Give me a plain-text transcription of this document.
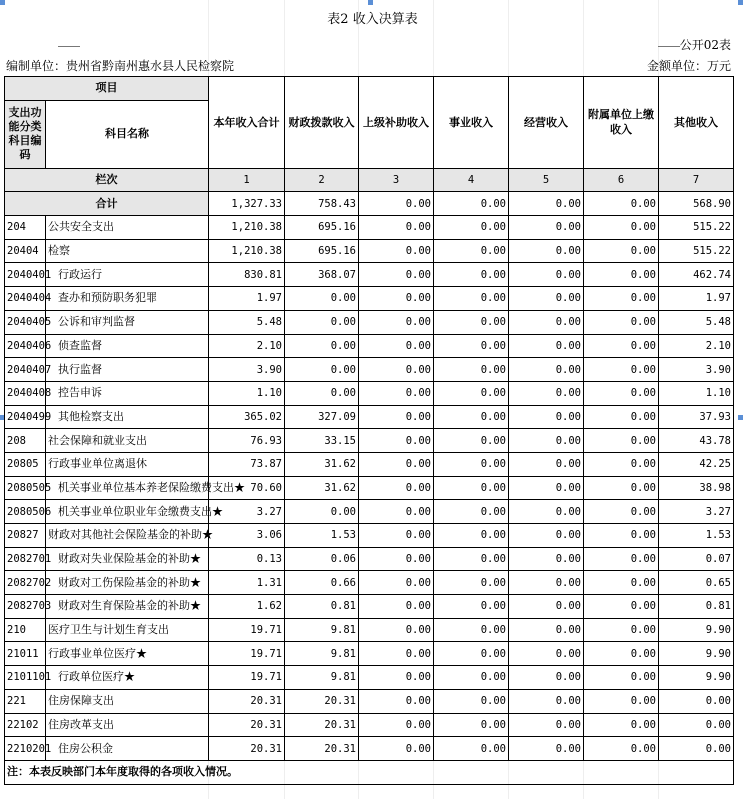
表2 收入决算表
公开02表
编制单位：贵州省黔南州惠水县人民检察院	金额单位：万元
项目		本年收入合计	财政拨款收入	上级补助收入	事业收入	经营收入	附属单位上缴收入	其他收入
支出功能分类科目编码	科目名称							

栏次		1	2	3	4	5	6	7
合计		1,327.33	758.43	0.00	0.00	0.00	0.00	568.90
204	公共安全支出	1,210.38	695.16	0.00	0.00	0.00	0.00	515.22
20404	检察	1,210.38	695.16	0.00	0.00	0.00	0.00	515.22
2040401	行政运行	830.81	368.07	0.00	0.00	0.00	0.00	462.74
2040404	查办和预防职务犯罪	1.97	0.00	0.00	0.00	0.00	0.00	1.97
2040405	公诉和审判监督	5.48	0.00	0.00	0.00	0.00	0.00	5.48
2040406	侦查监督	2.10	0.00	0.00	0.00	0.00	0.00	2.10
2040407	执行监督	3.90	0.00	0.00	0.00	0.00	0.00	3.90
2040408	控告申诉	1.10	0.00	0.00	0.00	0.00	0.00	1.10
2040499	其他检察支出	365.02	327.09	0.00	0.00	0.00	0.00	37.93
208	社会保障和就业支出	76.93	33.15	0.00	0.00	0.00	0.00	43.78
20805	行政事业单位离退休	73.87	31.62	0.00	0.00	0.00	0.00	42.25
2080505	机关事业单位基本养老保险缴费支出★	70.60	31.62	0.00	0.00	0.00	0.00	38.98
2080506	机关事业单位职业年金缴费支出★	3.27	0.00	0.00	0.00	0.00	0.00	3.27
20827	财政对其他社会保险基金的补助★	3.06	1.53	0.00	0.00	0.00	0.00	1.53
2082701	财政对失业保险基金的补助★	0.13	0.06	0.00	0.00	0.00	0.00	0.07
2082702	财政对工伤保险基金的补助★	1.31	0.66	0.00	0.00	0.00	0.00	0.65
2082703	财政对生育保险基金的补助★	1.62	0.81	0.00	0.00	0.00	0.00	0.81
210	医疗卫生与计划生育支出	19.71	9.81	0.00	0.00	0.00	0.00	9.90
21011	行政事业单位医疗★	19.71	9.81	0.00	0.00	0.00	0.00	9.90
2101101	行政单位医疗★	19.71	9.81	0.00	0.00	0.00	0.00	9.90
221	住房保障支出	20.31	20.31	0.00	0.00	0.00	0.00	0.00
22102	住房改革支出	20.31	20.31	0.00	0.00	0.00	0.00	0.00
2210201	住房公积金	20.31	20.31	0.00	0.00	0.00	0.00	0.00
注：本表反映部门本年度取得的各项收入情况。								
